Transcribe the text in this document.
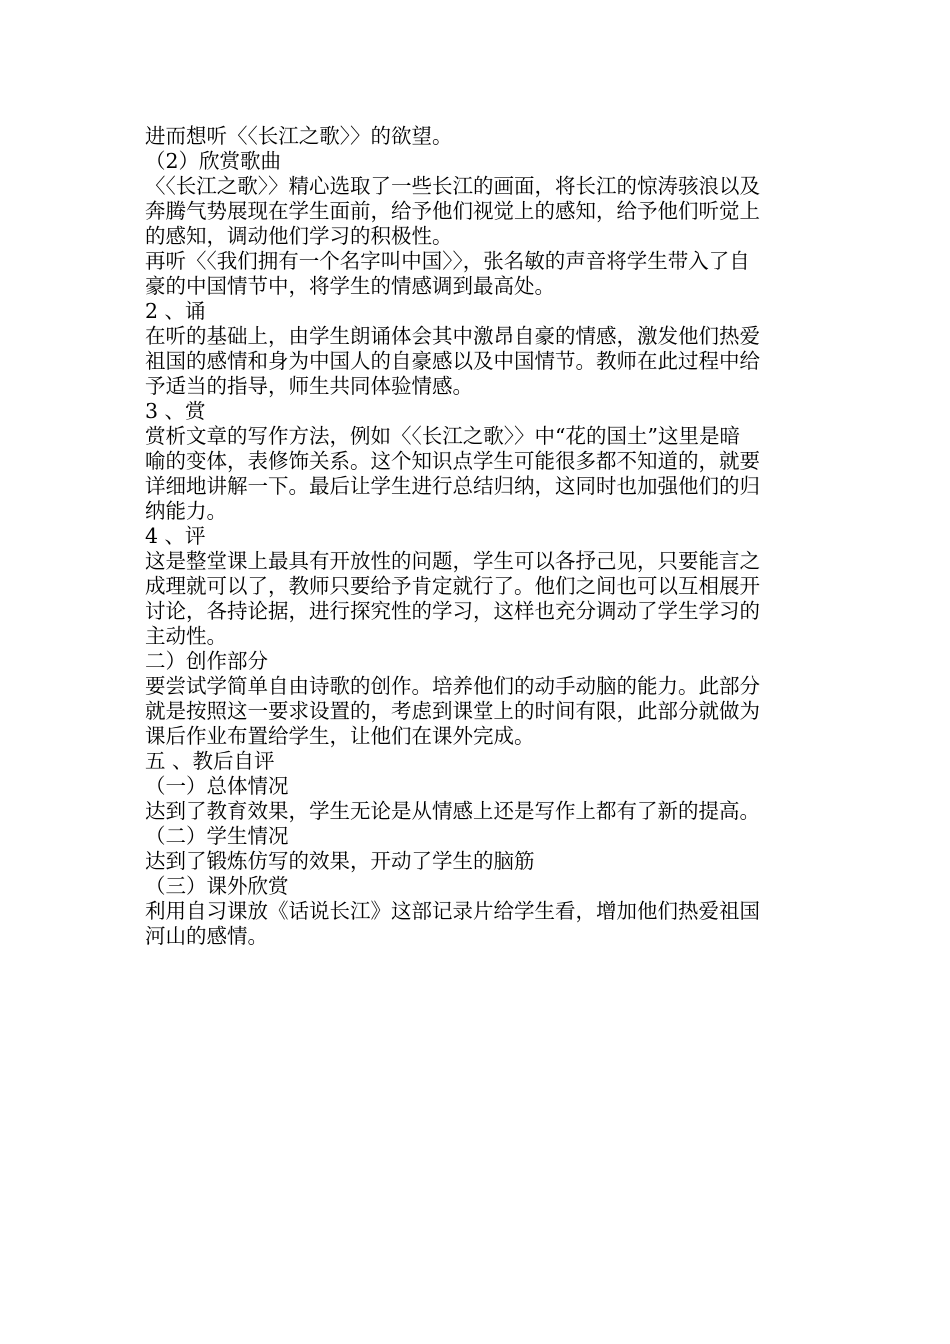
进而想听〈〈长江之歌〉〉的欲望。
（2）欣赏歌曲
〈〈长江之歌〉〉精心选取了一些长江的画面，将长江的惊涛骇浪以及
奔腾气势展现在学生面前，给予他们视觉上的感知，给予他们听觉上
的感知，调动他们学习的积极性。
再听〈〈我们拥有一个名字叫中国〉〉，张名敏的声音将学生带入了自
豪的中国情节中，将学生的情感调到最高处。
2 、诵
在听的基础上，由学生朗诵体会其中激昂自豪的情感，激发他们热爱
祖国的感情和身为中国人的自豪感以及中国情节。教师在此过程中给
予适当的指导，师生共同体验情感。
3 、赏
赏析文章的写作方法，例如〈〈长江之歌〉〉中“花的国土”这里是暗
喻的变体，表修饰关系。这个知识点学生可能很多都不知道的，就要
详细地讲解一下。最后让学生进行总结归纳，这同时也加强他们的归
纳能力。
4 、评
这是整堂课上最具有开放性的问题，学生可以各抒己见，只要能言之
成理就可以了，教师只要给予肯定就行了。他们之间也可以互相展开
讨论，各持论据，进行探究性的学习，这样也充分调动了学生学习的
主动性。
二）创作部分
要尝试学简单自由诗歌的创作。培养他们的动手动脑的能力。此部分
就是按照这一要求设置的，考虑到课堂上的时间有限，此部分就做为
课后作业布置给学生，让他们在课外完成。
五 、教后自评
（一）总体情况
达到了教育效果，学生无论是从情感上还是写作上都有了新的提高。
（二）学生情况
达到了锻炼仿写的效果，开动了学生的脑筋
（三）课外欣赏
利用自习课放《话说长江》这部记录片给学生看，增加他们热爱祖国
河山的感情。
